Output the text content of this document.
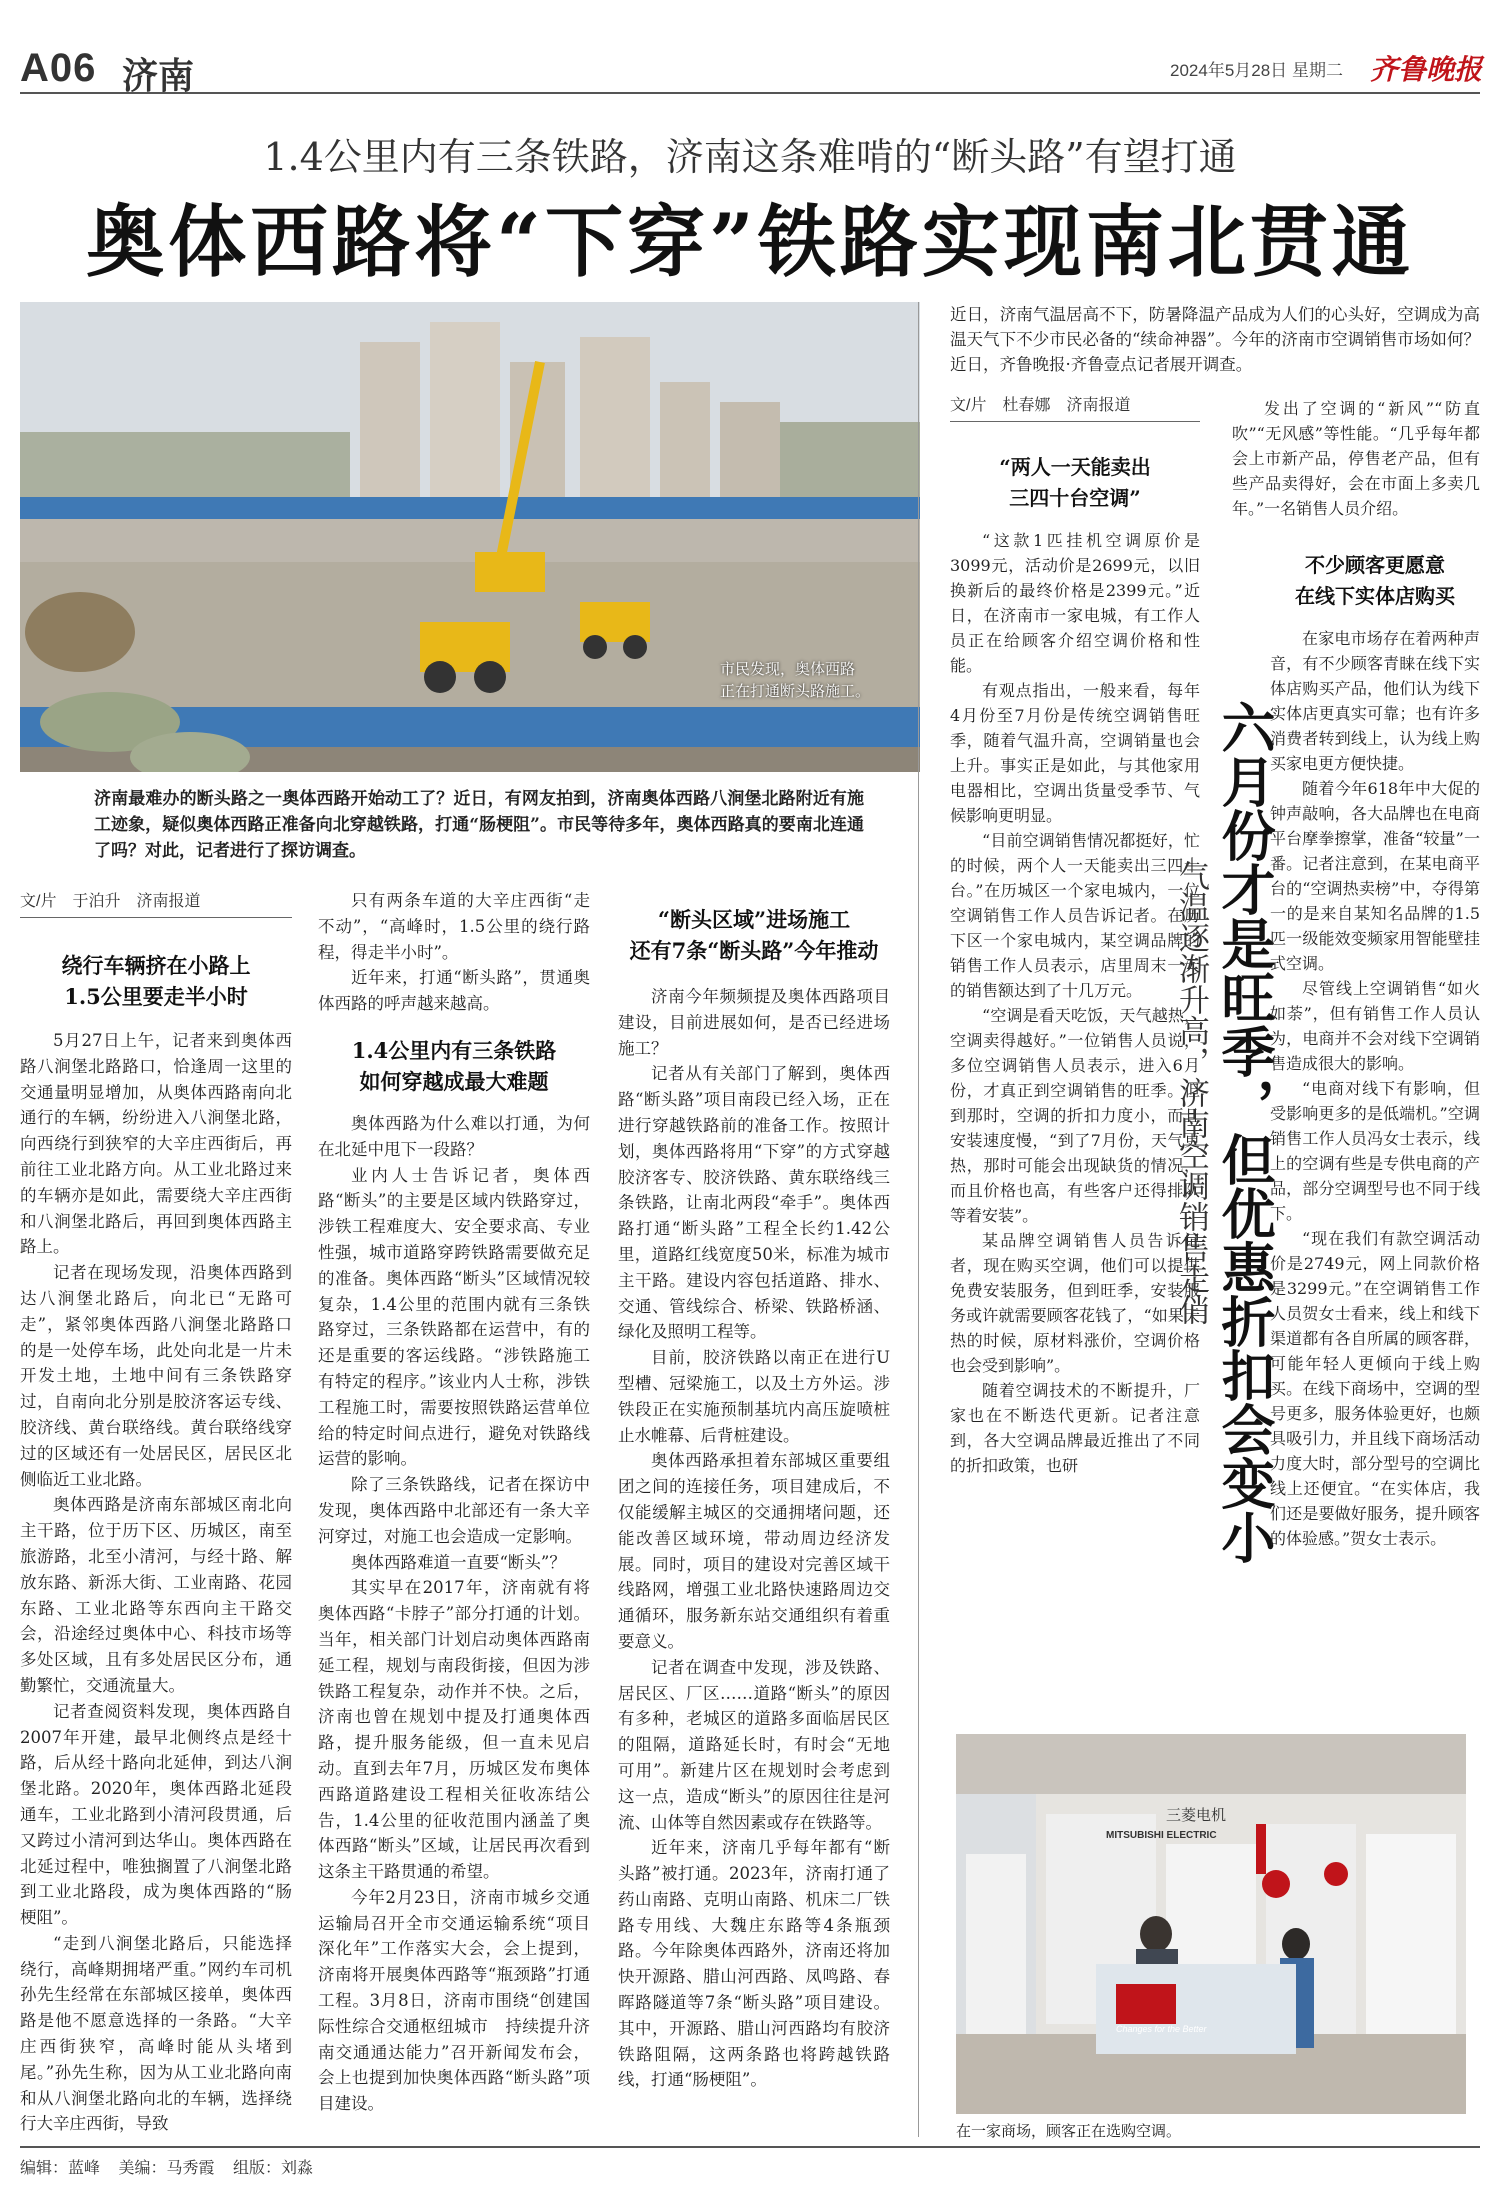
A06 济南	2024年5月28日 星期二 齐鲁晚报
1.4公里内有三条铁路，济南这条难啃的“断头路”有望打通
奥体西路将“下穿”铁路实现南北贯通
市民发现，奥体西路
正在打通断头路施工。
济南最难办的断头路之一奥体西路开始动工了？近日，有网友拍到，济南奥体西路八涧堡北路附近有施工迹象，疑似奥体西路正准备向北穿越铁路，打通“肠梗阻”。市民等待多年，奥体西路真的要南北连通了吗？对此，记者进行了探访调查。
文/片　于泊升　济南报道
绕行车辆挤在小路上
1.5公里要走半小时

5月27日上午，记者来到奥体西路八涧堡北路路口，恰逢周一这里的交通量明显增加，从奥体西路南向北通行的车辆，纷纷进入八涧堡北路，向西绕行到狭窄的大辛庄西街后，再前往工业北路方向。从工业北路过来的车辆亦是如此，需要绕大辛庄西街和八涧堡北路后，再回到奥体西路主路上。

记者在现场发现，沿奥体西路到达八涧堡北路后，向北已“无路可走”，紧邻奥体西路八涧堡北路路口的是一处停车场，此处向北是一片未开发土地，土地中间有三条铁路穿过，自南向北分别是胶济客运专线、胶济线、黄台联络线。黄台联络线穿过的区域还有一处居民区，居民区北侧临近工业北路。

奥体西路是济南东部城区南北向主干路，位于历下区、历城区，南至旅游路，北至小清河，与经十路、解放东路、新泺大街、工业南路、花园东路、工业北路等东西向主干路交会，沿途经过奥体中心、科技市场等多处区域，且有多处居民区分布，通勤繁忙，交通流量大。

记者查阅资料发现，奥体西路自2007年开建，最早北侧终点是经十路，后从经十路向北延伸，到达八涧堡北路。2020年，奥体西路北延段通车，工业北路到小清河段贯通，后又跨过小清河到达华山。奥体西路在北延过程中，唯独搁置了八涧堡北路到工业北路段，成为奥体西路的“肠梗阻”。

“走到八涧堡北路后，只能选择绕行，高峰期拥堵严重。”网约车司机孙先生经常在东部城区接单，奥体西路是他不愿意选择的一条路。“大辛庄西街狭窄，高峰时能从头堵到尾。”孙先生称，因为从工业北路向南和从八涧堡北路向北的车辆，选择绕行大辛庄西街，导致

只有两条车道的大辛庄西街“走不动”，“高峰时，1.5公里的绕行路程，得走半小时”。

近年来，打通“断头路”，贯通奥体西路的呼声越来越高。

1.4公里内有三条铁路
如何穿越成最大难题

奥体西路为什么难以打通，为何在北延中甩下一段路？

业内人士告诉记者，奥体西路“断头”的主要是区域内铁路穿过，涉铁工程难度大、安全要求高、专业性强，城市道路穿跨铁路需要做充足的准备。奥体西路“断头”区域情况较复杂，1.4公里的范围内就有三条铁路穿过，三条铁路都在运营中，有的还是重要的客运线路。“涉铁路施工有特定的程序。”该业内人士称，涉铁工程施工时，需要按照铁路运营单位给的特定时间点进行，避免对铁路线运营的影响。

除了三条铁路线，记者在探访中发现，奥体西路中北部还有一条大辛河穿过，对施工也会造成一定影响。

奥体西路难道一直要“断头”？

其实早在2017年，济南就有将奥体西路“卡脖子”部分打通的计划。当年，相关部门计划启动奥体西路南延工程，规划与南段街接，但因为涉铁路工程复杂，动作并不快。之后，济南也曾在规划中提及打通奥体西路，提升服务能级，但一直未见启动。直到去年7月，历城区发布奥体西路道路建设工程相关征收冻结公告，1.4公里的征收范围内涵盖了奥体西路“断头”区域，让居民再次看到这条主干路贯通的希望。

今年2月23日，济南市城乡交通运输局召开全市交通运输系统“项目深化年”工作落实大会，会上提到，济南将开展奥体西路等“瓶颈路”打通工程。3月8日，济南市围绕“创建国际性综合交通枢纽城市　持续提升济南交通通达能力”召开新闻发布会，会上也提到加快奥体西路“断头路”项目建设。

“断头区域”进场施工
还有7条“断头路”今年推动

济南今年频频提及奥体西路项目建设，目前进展如何，是否已经进场施工？

记者从有关部门了解到，奥体西路“断头路”项目南段已经入场，正在进行穿越铁路前的准备工作。按照计划，奥体西路将用“下穿”的方式穿越胶济客专、胶济铁路、黄东联络线三条铁路，让南北两段“牵手”。奥体西路打通“断头路”工程全长约1.42公里，道路红线宽度50米，标准为城市主干路。建设内容包括道路、排水、交通、管线综合、桥梁、铁路桥涵、绿化及照明工程等。

目前，胶济铁路以南正在进行U型槽、冠梁施工，以及土方外运。涉铁段正在实施预制基坑内高压旋喷桩止水帷幕、后背桩建设。

奥体西路承担着东部城区重要组团之间的连接任务，项目建成后，不仅能缓解主城区的交通拥堵问题，还能改善区域环境，带动周边经济发展。同时，项目的建设对完善区域干线路网，增强工业北路快速路周边交通循环，服务新东站交通组织有着重要意义。

记者在调查中发现，涉及铁路、居民区、厂区……道路“断头”的原因有多种，老城区的道路多面临居民区的阻隔，道路延长时，有时会“无地可用”。新建片区在规划时会考虑到这一点，造成“断头”的原因往往是河流、山体等自然因素或存在铁路等。

近年来，济南几乎每年都有“断头路”被打通。2023年，济南打通了药山南路、克明山南路、机床二厂铁路专用线、大魏庄东路等4条瓶颈路。今年除奥体西路外，济南还将加快开源路、腊山河西路、凤鸣路、春晖路隧道等7条“断头路”项目建设。其中，开源路、腊山河西路均有胶济铁路阻隔，这两条路也将跨越铁路线，打通“肠梗阻”。

近日，济南气温居高不下，防暑降温产品成为人们的心头好，空调成为高温天气下不少市民必备的“续命神器”。今年的济南市空调销售市场如何？近日，齐鲁晚报·齐鲁壹点记者展开调查。
文/片　杜春娜　济南报道
“两人一天能卖出
三四十台空调”

“这款1匹挂机空调原价是3099元，活动价是2699元，以旧换新后的最终价格是2399元。”近日，在济南市一家电城，有工作人员正在给顾客介绍空调价格和性能。

有观点指出，一般来看，每年4月份至7月份是传统空调销售旺季，随着气温升高，空调销量也会上升。事实正是如此，与其他家用电器相比，空调出货量受季节、气候影响更明显。

“目前空调销售情况都挺好，忙的时候，两个人一天能卖出三四十台。”在历城区一个家电城内，一位空调销售工作人员告诉记者。在历下区一个家电城内，某空调品牌的销售工作人员表示，店里周末一天的销售额达到了十几万元。

“空调是看天吃饭，天气越热，空调卖得越好。”一位销售人员说，多位空调销售人员表示，进入6月份，才真正到空调销售的旺季。但到那时，空调的折扣力度小，而且安装速度慢，“到了7月份，天气更热，那时可能会出现缺货的情况，而且价格也高，有些客户还得排队等着安装”。

某品牌空调销售人员告诉记者，现在购买空调，他们可以提供免费安装服务，但到旺季，安装服务或许就需要顾客花钱了，“如果天热的时候，原材料涨价，空调价格也会受到影响”。

随着空调技术的不断提升，厂家也在不断迭代更新。记者注意到，各大空调品牌最近推出了不同的折扣政策，也研	六月份才是旺季，但优惠折扣会变小
气温逐渐升高，济南空调销售走俏

发出了空调的“新风”“防直吹”“无风感”等性能。“几乎每年都会上市新产品，停售老产品，但有些产品卖得好，会在市面上多卖几年。”一名销售人员介绍。

不少顾客更愿意
在线下实体店购买

在家电市场存在着两种声音，有不少顾客青睐在线下实体店购买产品，他们认为线下实体店更真实可靠；也有许多消费者转到线上，认为线上购买家电更方便快捷。

随着今年618年中大促的钟声敲响，各大品牌也在电商平台摩拳擦掌，准备“较量”一番。记者注意到，在某电商平台的“空调热卖榜”中，夺得第一的是来自某知名品牌的1.5匹一级能效变频家用智能壁挂式空调。

尽管线上空调销售“如火如荼”，但有销售工作人员认为，电商并不会对线下空调销售造成很大的影响。

“电商对线下有影响，但受影响更多的是低端机。”空调销售工作人员冯女士表示，线上的空调有些是专供电商的产品，部分空调型号也不同于线下。

“现在我们有款空调活动价是2749元，网上同款价格是3299元。”在空调销售工作人员贺女士看来，线上和线下渠道都有各自所属的顾客群，可能年轻人更倾向于线上购买。在线下商场中，空调的型号更多，服务体验更好，也颇具吸引力，并且线下商场活动力度大时，部分型号的空调比线上还便宜。“在实体店，我们还是要做好服务，提升顾客的体验感。”贺女士表示。

MITSUBISHI ELECTRIC
三菱电机
Changes for the Better
在一家商场，顾客正在选购空调。
编辑：蓝峰 美编：马秀霞 组版：刘淼
